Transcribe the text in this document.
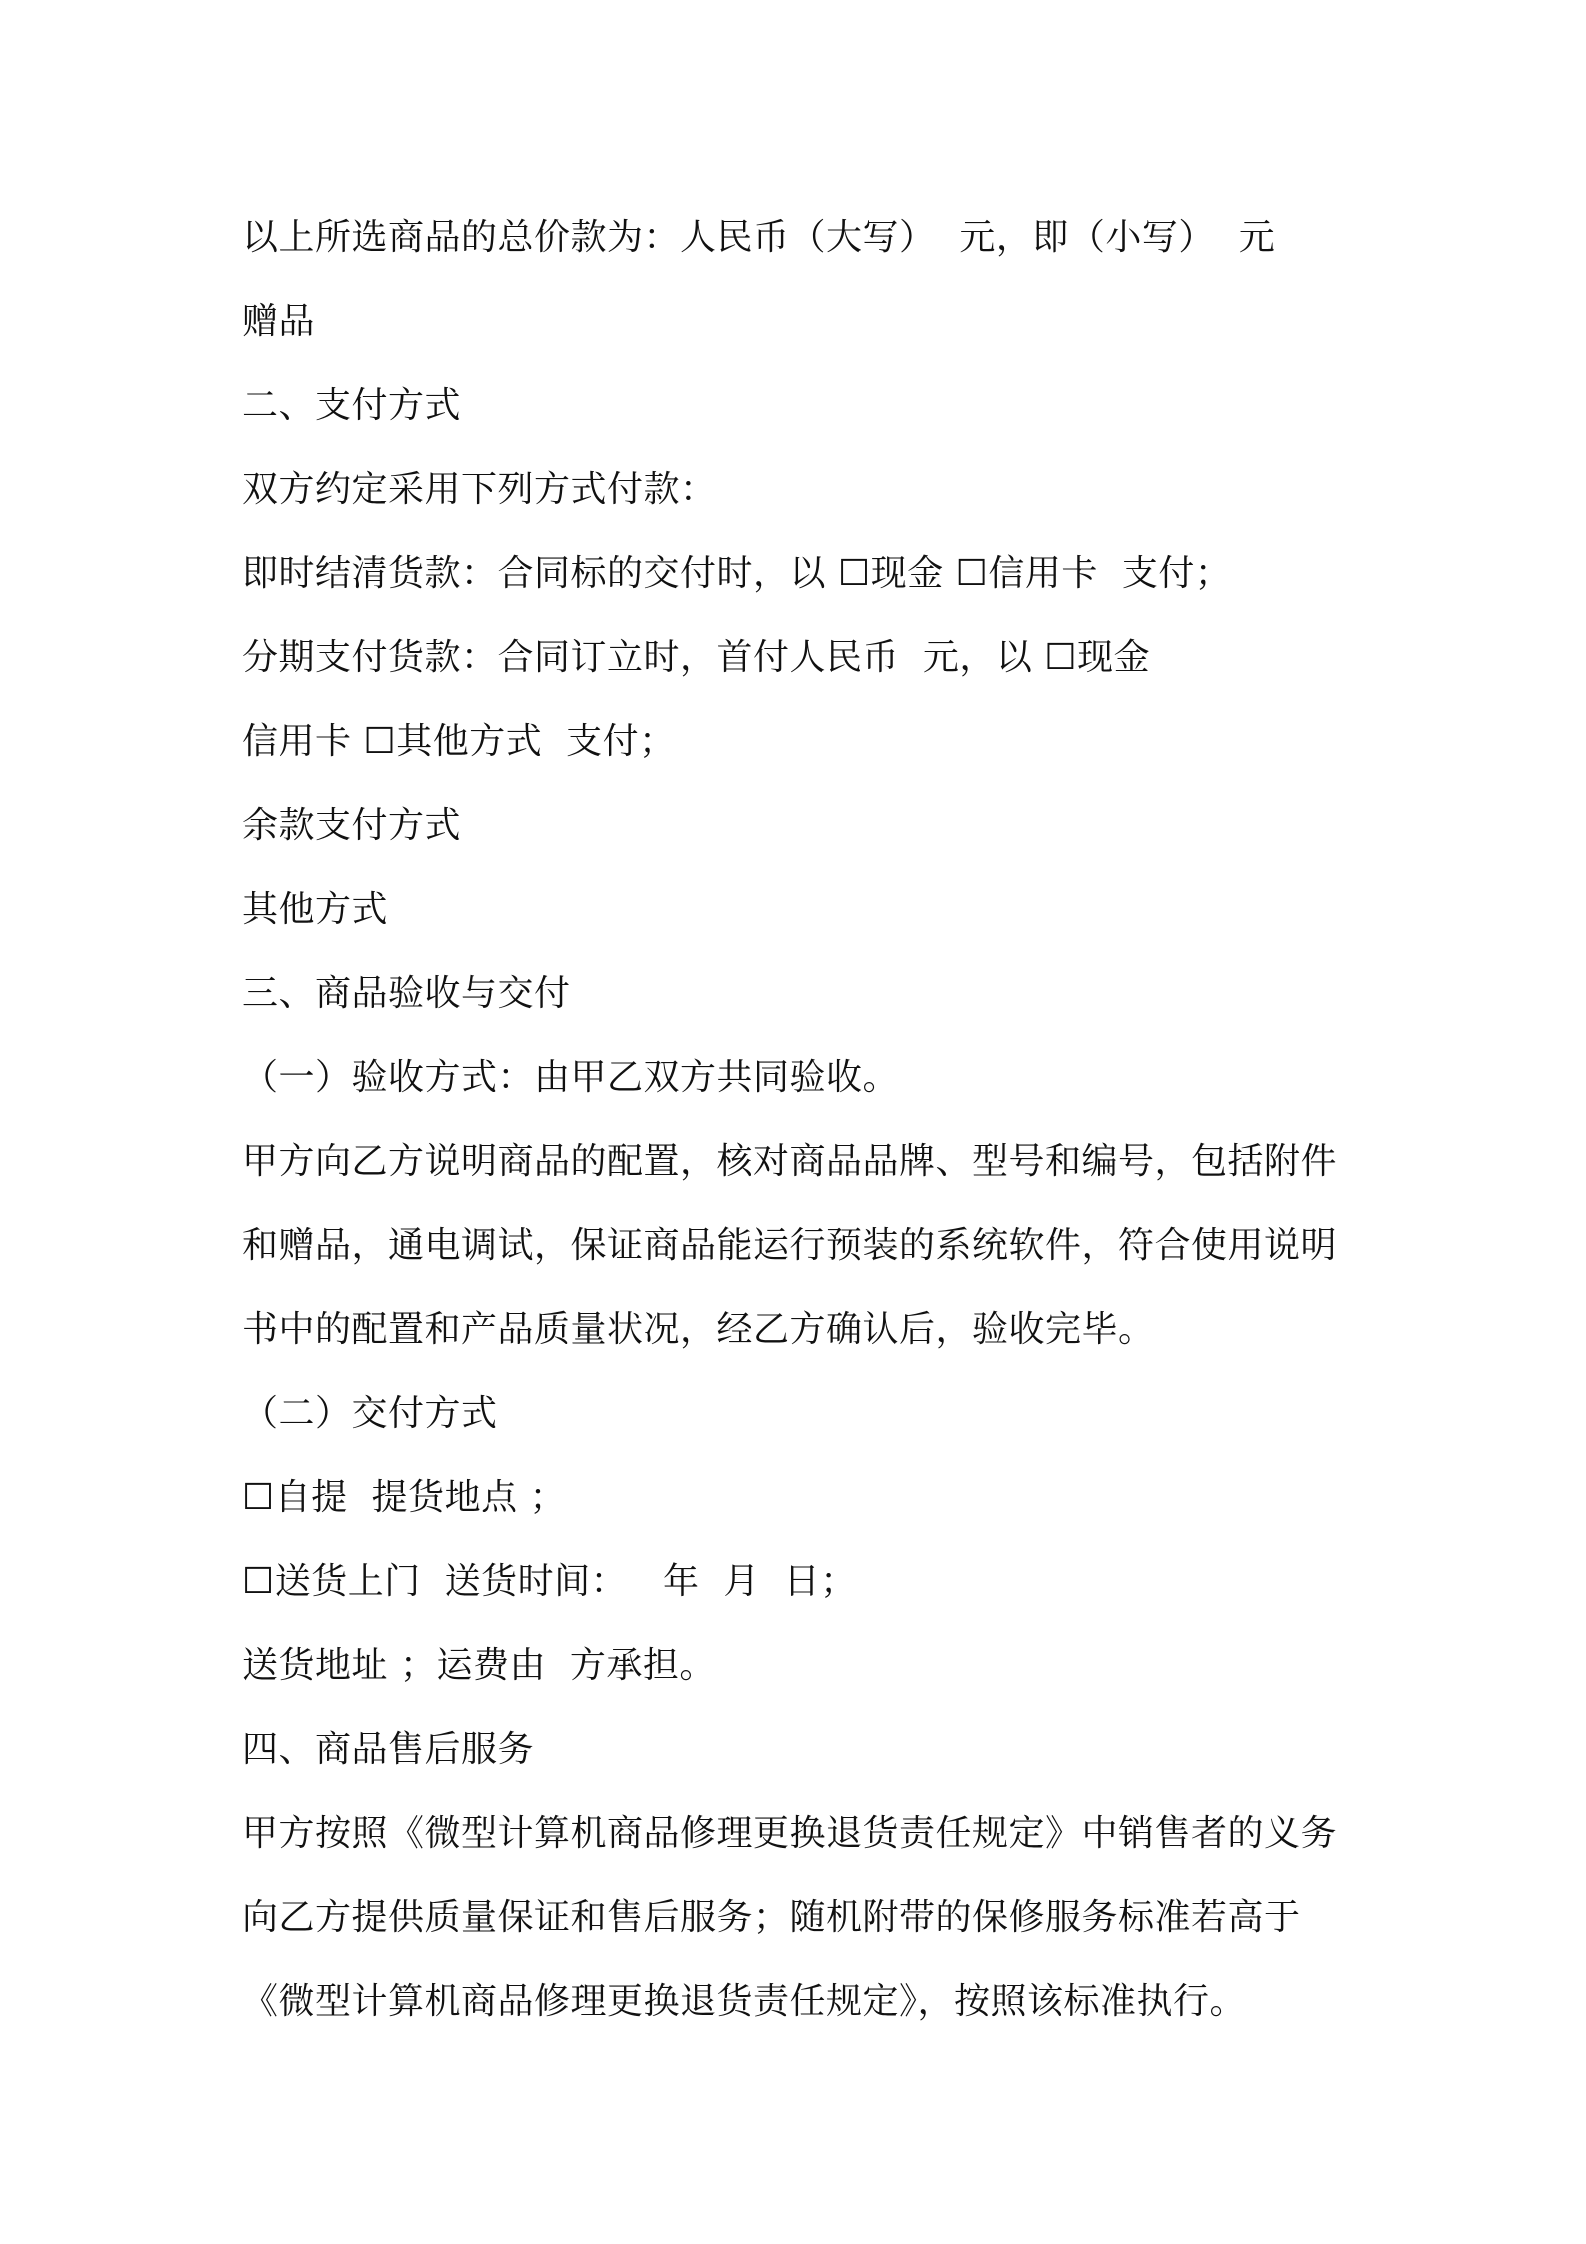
以上所选商品的总价款为：人民币（大写）  元，即（小写）  元
赠品
二、支付方式
双方约定采用下列方式付款：
即时结清货款：合同标的交付时，以 ☐现金 ☐信用卡  支付；
分期支付货款：合同订立时，首付人民币  元，以 ☐现金
信用卡 ☐其他方式  支付；
余款支付方式
其他方式
三、商品验收与交付
（一）验收方式：由甲乙双方共同验收。
甲方向乙方说明商品的配置，核对商品品牌、型号和编号，包括附件
和赠品，通电调试，保证商品能运行预装的系统软件，符合使用说明
书中的配置和产品质量状况，经乙方确认后，验收完毕。
（二）交付方式
☐自提  提货地点 ；
☐送货上门  送货时间：   年  月  日；
送货地址 ；运费由  方承担。
四、商品售后服务
甲方按照《微型计算机商品修理更换退货责任规定》中销售者的义务
向乙方提供质量保证和售后服务；随机附带的保修服务标准若高于
《微型计算机商品修理更换退货责任规定》，按照该标准执行。
